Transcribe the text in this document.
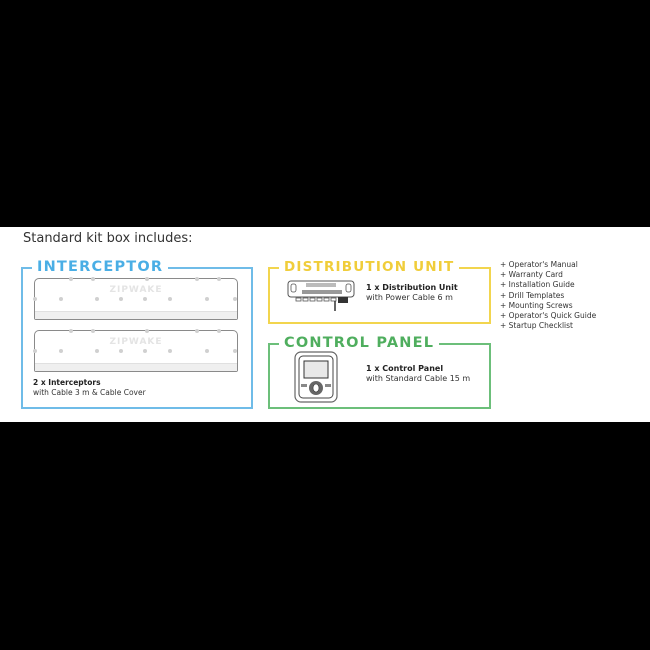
Standard kit box includes:
INTERCEPTOR
ZIPWAKE
ZIPWAKE
2 x Interceptors
with Cable 3 m & Cable Cover
DISTRIBUTION UNIT
1 x Distribution Unit
with Power Cable 6 m
CONTROL PANEL
1 x Control Panel
with Standard Cable 15 m
+ Operator's Manual
+ Warranty Card
+ Installation Guide
+ Drill Templates
+ Mounting Screws
+ Operator's Quick Guide
+ Startup Checklist
